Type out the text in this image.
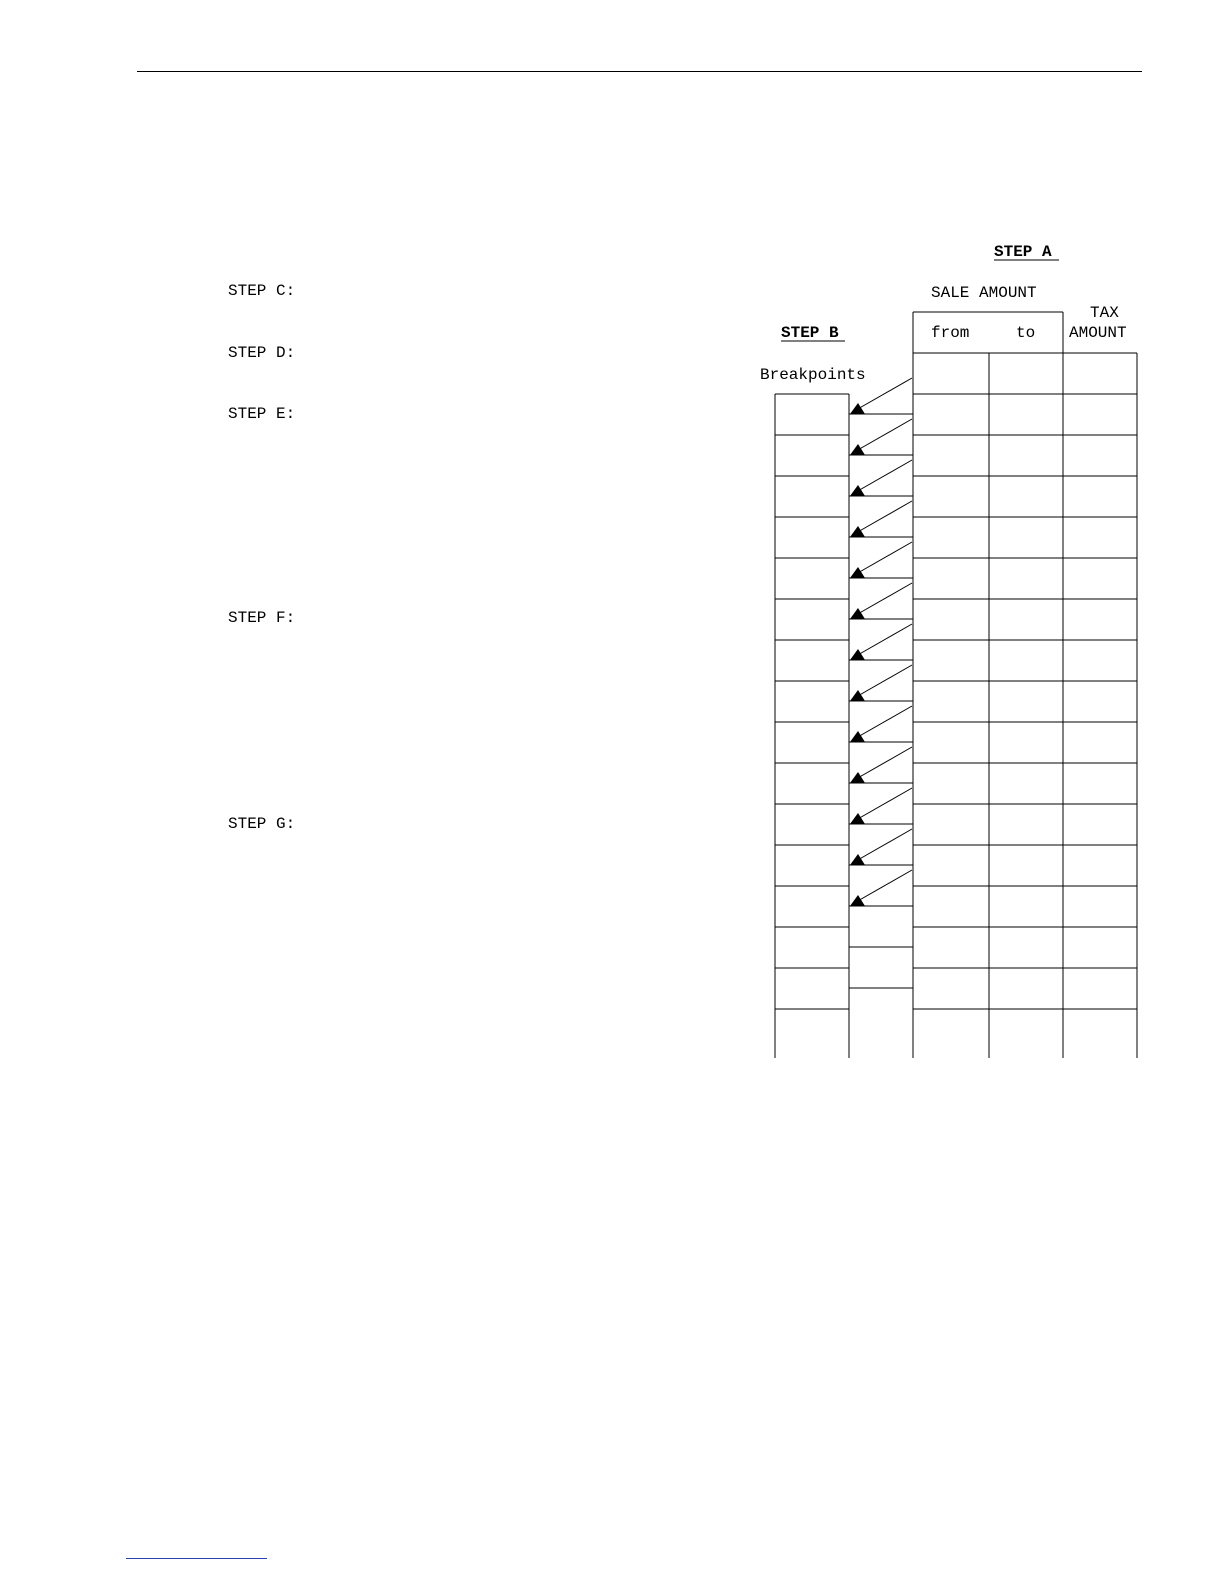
STEP C:
STEP D:
STEP E:
STEP F:
STEP G:
STEP A
SALE AMOUNT
TAX
AMOUNT
from	to
STEP B
Breakpoints
